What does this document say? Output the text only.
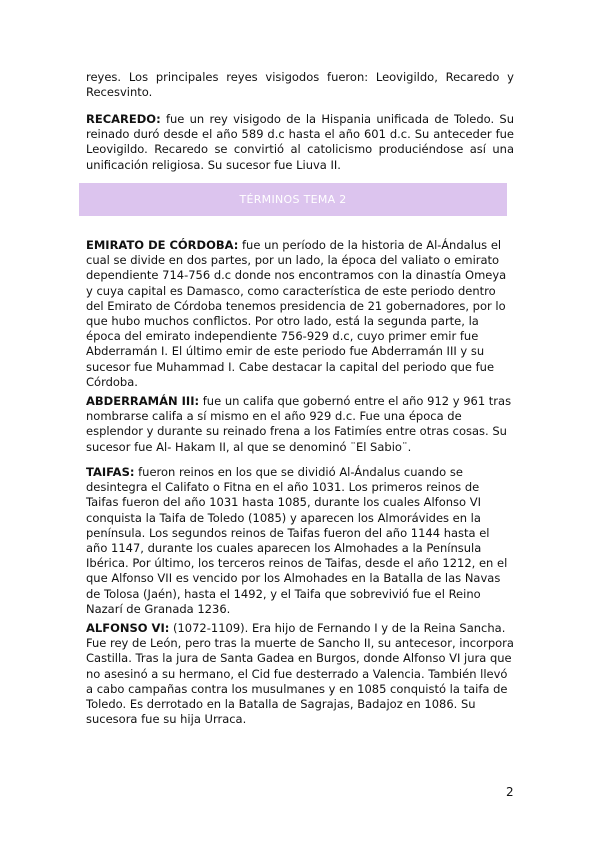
reyes. Los principales reyes visigodos fueron: Leovigildo, Recaredo y Recesvinto.

RECAREDO: fue un rey visigodo de la Hispania unificada de Toledo. Su reinado duró desde el año 589 d.c hasta el año 601 d.c. Su anteceder fue Leovigildo. Recaredo se convirtió al catolicismo produciéndose así una unificación religiosa. Su sucesor fue Liuva II.

TÉRMINOS TEMA 2

EMIRATO DE CÓRDOBA: fue un período de la historia de Al-Ándalus el cual se divide en dos partes, por un lado, la época del valiato o emirato dependiente 714-756 d.c donde nos encontramos con la dinastía Omeya y cuya capital es Damasco, como característica de este periodo dentro del Emirato de Córdoba tenemos presidencia de 21 gobernadores, por lo que hubo muchos conflictos. Por otro lado, está la segunda parte, la época del emirato independiente 756-929 d.c, cuyo primer emir fue Abderramán I. El último emir de este periodo fue Abderramán III y su sucesor fue Muhammad I. Cabe destacar la capital del periodo que fue Córdoba.

ABDERRAMÁN III: fue un califa que gobernó entre el año 912 y 961 tras nombrarse califa a sí mismo en el año 929 d.c. Fue una época de esplendor y durante su reinado frena a los Fatimíes entre otras cosas. Su sucesor fue Al- Hakam II, al que se denominó ¨El Sabio¨.

TAIFAS: fueron reinos en los que se dividió Al-Ándalus cuando se desintegra el Califato o Fitna en el año 1031. Los primeros reinos de Taifas fueron del año 1031 hasta 1085, durante los cuales Alfonso VI conquista la Taifa de Toledo (1085) y aparecen los Almorávides en la península. Los segundos reinos de Taifas fueron del año 1144 hasta el año 1147, durante los cuales aparecen los Almohades a la Península Ibérica. Por último, los terceros reinos de Taifas, desde el año 1212, en el que Alfonso VII es vencido por los Almohades en la Batalla de las Navas de Tolosa (Jaén), hasta el 1492, y el Taifa que sobrevivió fue el Reino Nazarí de Granada 1236.

ALFONSO VI: (1072-1109). Era hijo de Fernando I y de la Reina Sancha. Fue rey de León, pero tras la muerte de Sancho II, su antecesor, incorpora Castilla. Tras la jura de Santa Gadea en Burgos, donde Alfonso VI jura que no asesinó a su hermano, el Cid fue desterrado a Valencia. También llevó a cabo campañas contra los musulmanes y en 1085 conquistó la taifa de Toledo. Es derrotado en la Batalla de Sagrajas, Badajoz en 1086. Su sucesora fue su hija Urraca.

2
